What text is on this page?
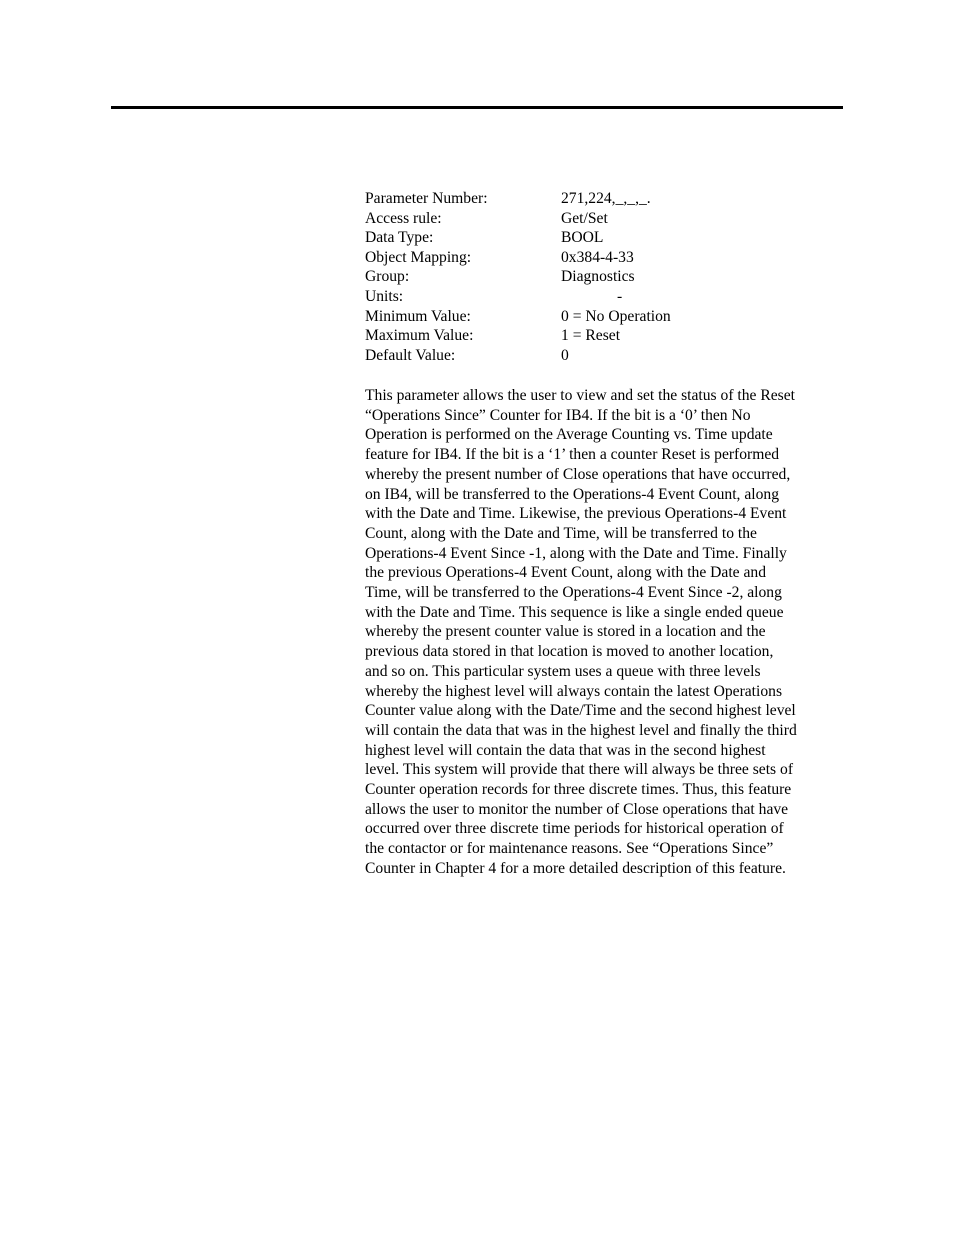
Parameter Number:	271,224,_,_,_.
Access rule:	Get/Set
Data Type:	BOOL
Object Mapping:	0x384-4-33
Group:	Diagnostics
Units:	-
Minimum Value:	0 = No Operation
Maximum Value:	1 = Reset
Default Value:	0

This parameter allows the user to view and set the status of the Reset
“Operations Since” Counter for IB4. If the bit is a ‘0’ then No
Operation is performed on the Average Counting vs. Time update
feature for IB4. If the bit is a ‘1’ then a counter Reset is performed
whereby the present number of Close operations that have occurred,
on IB4, will be transferred to the Operations-4 Event Count, along
with the Date and Time. Likewise, the previous Operations-4 Event
Count, along with the Date and Time, will be transferred to the
Operations-4 Event Since -1, along with the Date and Time. Finally
the previous Operations-4 Event Count, along with the Date and
Time, will be transferred to the Operations-4 Event Since -2, along
with the Date and Time. This sequence is like a single ended queue
whereby the present counter value is stored in a location and the
previous data stored in that location is moved to another location,
and so on. This particular system uses a queue with three levels
whereby the highest level will always contain the latest Operations
Counter value along with the Date/Time and the second highest level
will contain the data that was in the highest level and finally the third
highest level will contain the data that was in the second highest
level. This system will provide that there will always be three sets of
Counter operation records for three discrete times. Thus, this feature
allows the user to monitor the number of Close operations that have
occurred over three discrete time periods for historical operation of
the contactor or for maintenance reasons. See “Operations Since”
Counter in Chapter 4 for a more detailed description of this feature.
